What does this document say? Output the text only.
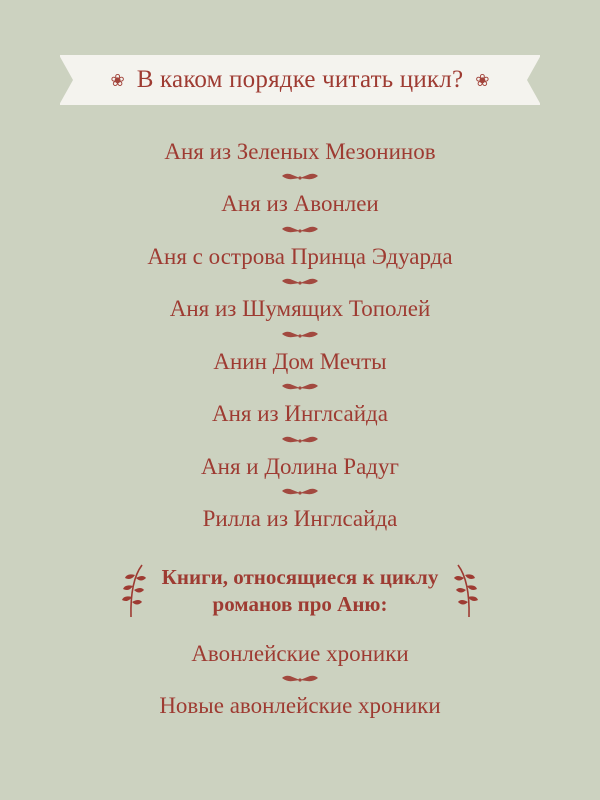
❀ В каком порядке читать цикл? ❀
Аня из Зеленых Мезонинов
Аня из Авонлеи
Аня с острова Принца Эдуарда
Аня из Шумящих Тополей
Анин Дом Мечты
Аня из Инглсайда
Аня и Долина Радуг
Рилла из Инглсайда
Книги, относящиеся к циклу
романов про Аню:
Авонлейские хроники
Новые авонлейские хроники
